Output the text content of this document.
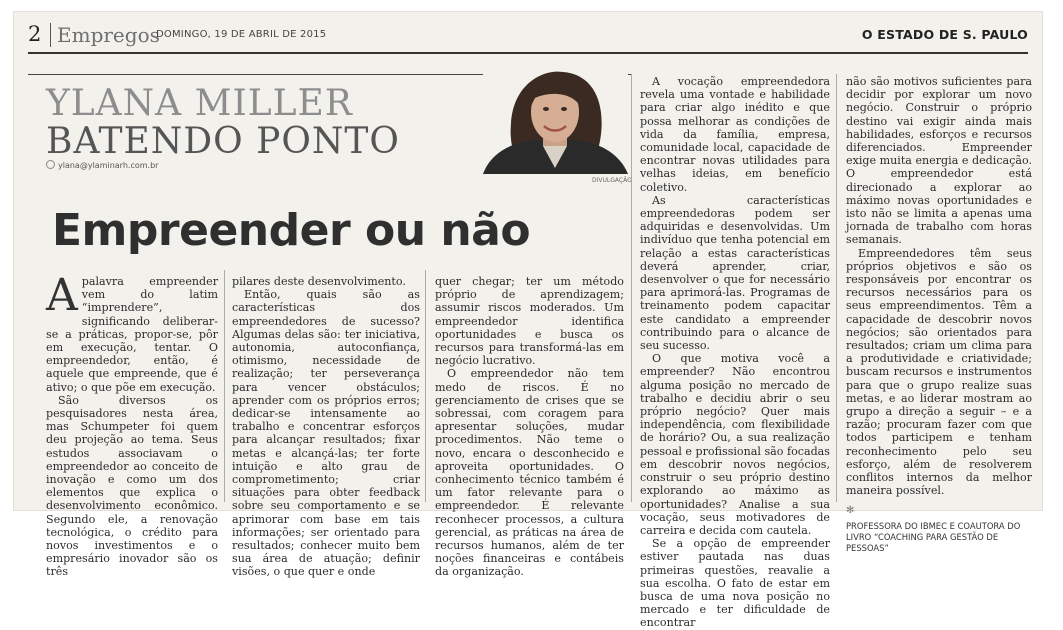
2 Empregos
DOMINGO, 19 DE ABRIL DE 2015	O ESTADO DE S. PAULO
YLANA MILLER
BATENDO PONTO
ylana@ylaminarh.com.br
DIVULGAÇÃO
Empreender ou não

Apalavra empreender vem do latim “imprendere”, significando deliberar-se a práticas, propor-se, pôr em execução, tentar. O empreendedor, então, é aquele que empreende, que é ativo; o que põe em execução.

São diversos os pesquisadores nesta área, mas Schumpeter foi quem deu projeção ao tema. Seus estudos associavam o empreendedor ao conceito de inovação e como um dos elementos que explica o desenvolvimento econômico. Segundo ele, a renovação tecnológica, o crédito para novos investimentos e o empresário inovador são os três

pilares deste desenvolvimento.

Então, quais são as características dos empreendedores de sucesso? Algumas delas são: ter iniciativa, autonomia, autoconfiança, otimismo, necessidade de realização; ter perseverança para vencer obstáculos; aprender com os próprios erros; dedicar-se intensamente ao trabalho e concentrar esforços para alcançar resultados; fixar metas e alcançá-las; ter forte intuição e alto grau de comprometimento; criar situações para obter feedback sobre seu comportamento e se aprimorar com base em tais informações; ser orientado para resultados; conhecer muito bem sua área de atuação; definir visões, o que quer e onde

quer chegar; ter um método próprio de aprendizagem; assumir riscos moderados. Um empreendedor identifica oportunidades e busca os recursos para transformá-las em negócio lucrativo.

O empreendedor não tem medo de riscos. É no gerenciamento de crises que se sobressai, com coragem para apresentar soluções, mudar procedimentos. Não teme o novo, encara o desconhecido e aproveita oportunidades. O conhecimento técnico também é um fator relevante para o empreendedor. É relevante reconhecer processos, a cultura gerencial, as práticas na área de recursos humanos, além de ter noções financeiras e contábeis da organização.

A vocação empreendedora revela uma vontade e habilidade para criar algo inédito e que possa melhorar as condições de vida da família, empresa, comunidade local, capacidade de encontrar novas utilidades para velhas ideias, em benefício coletivo.

As características empreendedoras podem ser adquiridas e desenvolvidas. Um indivíduo que tenha potencial em relação a estas características deverá aprender, criar, desenvolver o que for necessário para aprimorá-las. Programas de treinamento podem capacitar este candidato a empreender contribuindo para o alcance de seu sucesso.

O que motiva você a empreender? Não encontrou alguma posição no mercado de trabalho e decidiu abrir o seu próprio negócio? Quer mais independência, com flexibilidade de horário? Ou, a sua realização pessoal e profissional são focadas em descobrir novos negócios, construir o seu próprio destino explorando ao máximo as oportunidades? Analise a sua vocação, seus motivadores de carreira e decida com cautela.

Se a opção de empreender estiver pautada nas duas primeiras questões, reavalie a sua escolha. O fato de estar em busca de uma nova posição no mercado e ter dificuldade de encontrar

não são motivos suficientes para decidir por explorar um novo negócio. Construir o próprio destino vai exigir ainda mais habilidades, esforços e recursos diferenciados. Empreender exige muita energia e dedicação. O empreendedor está direcionado a explorar ao máximo novas oportunidades e isto não se limita a apenas uma jornada de trabalho com horas semanais.

Empreendedores têm seus próprios objetivos e são os responsáveis por encontrar os recursos necessários para os seus empreendimentos. Têm a capacidade de descobrir novos negócios; são orientados para resultados; criam um clima para a produtividade e criatividade; buscam recursos e instrumentos para que o grupo realize suas metas, e ao liderar mostram ao grupo a direção a seguir – e a razão; procuram fazer com que todos participem e tenham reconhecimento pelo seu esforço, além de resolverem conflitos internos da melhor maneira possível.

✻
PROFESSORA DO IBMEC E COAUTORA DO LIVRO “COACHING PARA GESTÃO DE PESSOAS”
